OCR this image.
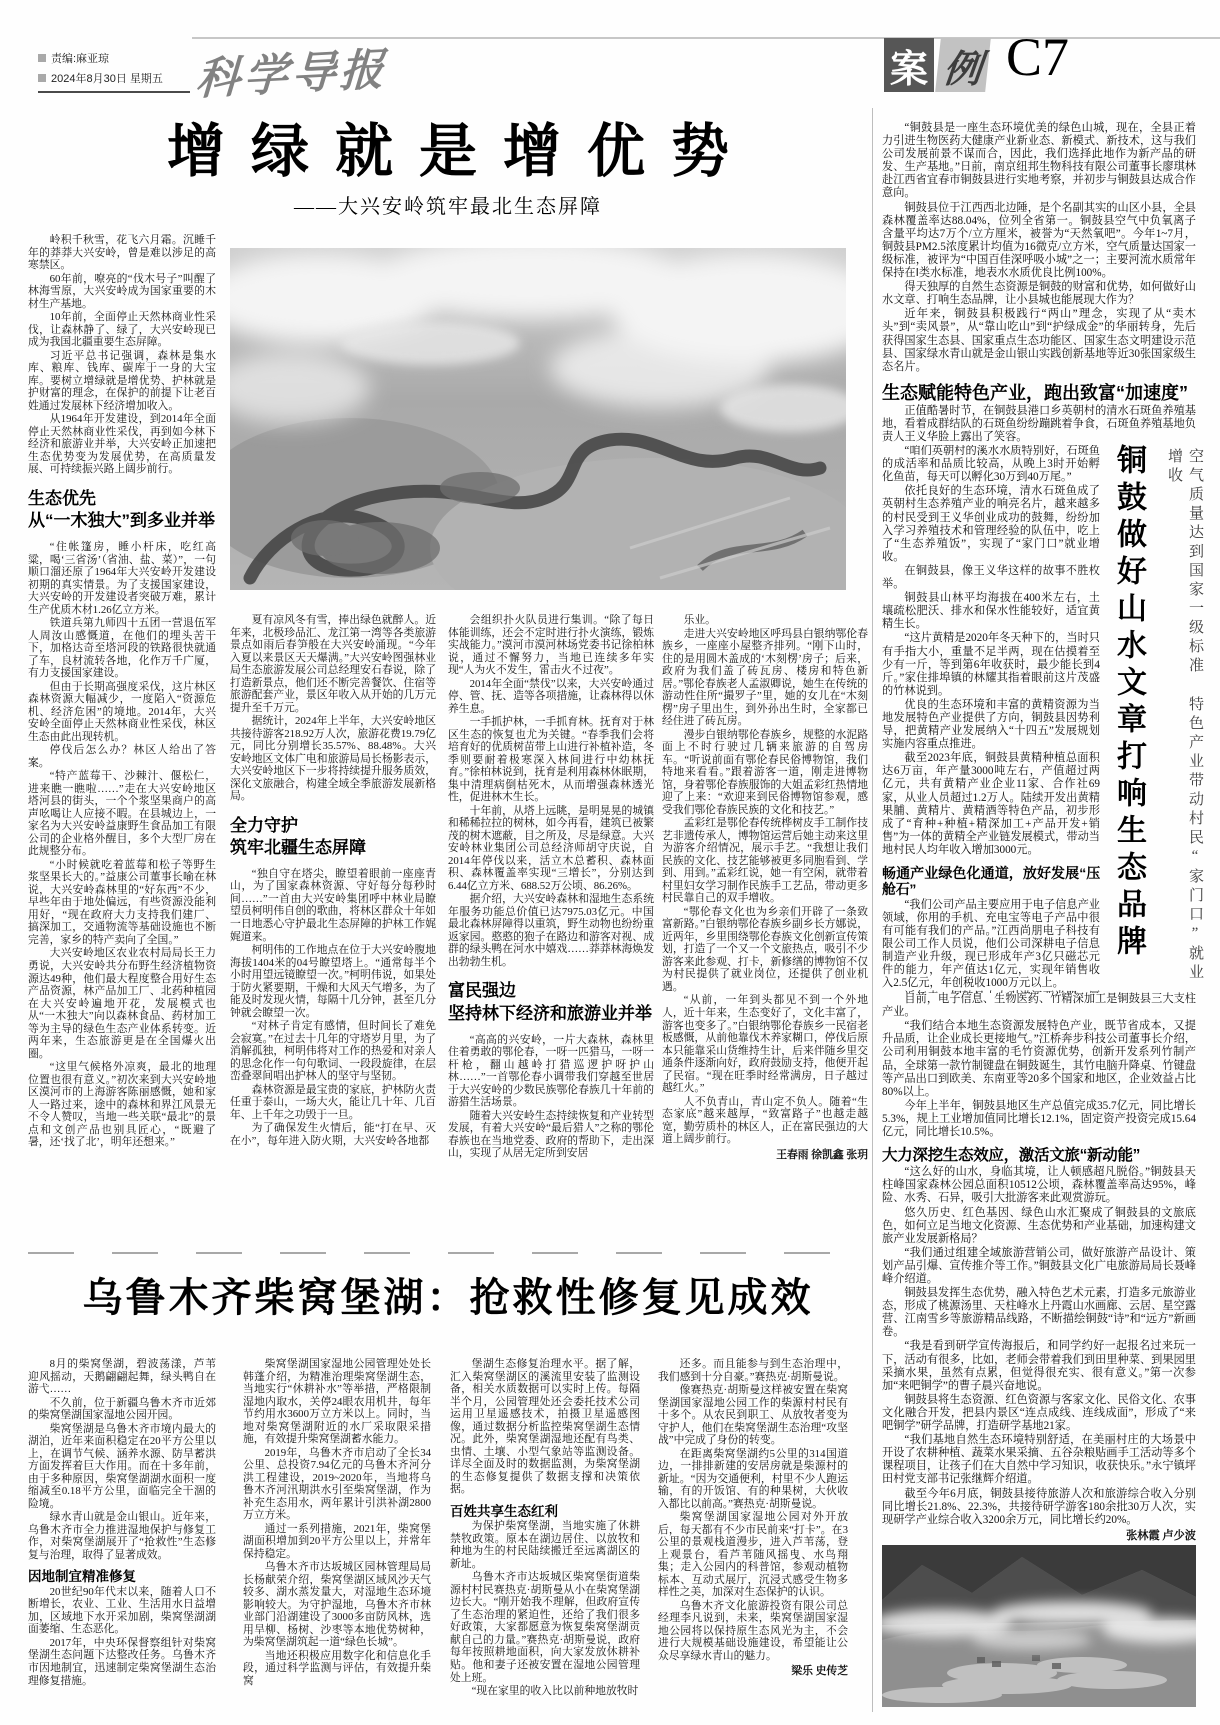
责编:麻亚琼
2024年8月30日 星期五 科学导报	案 例 C7
增绿就是增优势
——大兴安岭筑牢最北生态屏障

岭积千秋雪，花飞六月霜。沉睡千年的莽莽大兴安岭，曾是难以涉足的高寒禁区。

60年前，嘹亮的“伐木号子”叫醒了林海雪原，大兴安岭成为国家重要的木材生产基地。

10年前，全面停止天然林商业性采伐，让森林静了、绿了，大兴安岭现已成为我国北疆重要生态屏障。

习近平总书记强调，森林是集水库、粮库、钱库、碳库于一身的大宝库。要树立增绿就是增优势、护林就是护财富的理念，在保护的前提下让老百姓通过发展林下经济增加收入。

从1964年开发建设，到2014年全面停止天然林商业性采伐，再到如今林下经济和旅游业并举，大兴安岭正加速把生态优势变为发展优势，在高质量发展、可持续振兴路上阔步前行。

生态优先
从“一木独大”到多业并举

“住帐篷房，睡小杆床，吃红高粱，喝‘三省汤’（省油、盐、菜）”，一句顺口溜还原了1964年大兴安岭开发建设初期的真实情景。为了支援国家建设，大兴安岭的开发建设者突破万难，累计生产优质木材1.26亿立方米。

铁道兵第九师四十五团一营退伍军人周汝山感慨道，在他们的埋头苦干下，加格达奇至塔河段的铁路很快就通了车，良材流转各地，化作万千广厦，有力支援国家建设。

但由于长期高强度采伐，这片林区森林资源大幅减少，一度陷入“资源危机、经济危困”的境地。2014年，大兴安岭全面停止天然林商业性采伐，林区生态由此出现转机。

停伐后怎么办？林区人给出了答案。

“特产蓝莓干、沙棘汁、偃松仁，进来瞧一瞧啦……”走在大兴安岭地区塔河县的街头，一个个浆坚果商户的高声吆喝让人应接不暇。在县城边上，一家名为大兴安岭益康野生食品加工有限公司的企业格外醒目，多个大型厂房在此规整分布。

“小时候就吃着蓝莓和松子等野生浆坚果长大的。”益康公司董事长喻在林说，大兴安岭森林里的“好东西”不少，早些年由于地处偏远，有些资源没能利用好，“现在政府大力支持我们建厂、搞深加工，交通物流等基础设施也不断完善，家乡的特产卖向了全国。”

大兴安岭地区农业农村局局长王力勇说，大兴安岭共分布野生经济植物资源达49种，他们最大程度整合用好生态产品资源，林产品加工厂、北药种植园在大兴安岭遍地开花，发展模式也从“一木独大”向以森林食品、药材加工等为主导的绿色生态产业体系转变。近两年来，生态旅游更是在全国爆火出圈。

“这里气候格外凉爽，最北的地理位置也很有意义。”初次来到大兴安岭地区漠河市的上海游客陈丽感慨，她和家人一路过来，途中的森林和界江风景无不令人赞叹，当地一些关联“最北”的景点和文创产品也别具匠心，“既避了暑，还‘找了北’，明年还想来。”

夏有凉风冬有雪，捧出绿色就醉人。近年来，北极珍品汇、龙江第一湾等各类旅游景点如雨后春笋般在大兴安岭涌现。“今年入夏以来景区天天爆满。”大兴安岭图强林业局生态旅游发展公司总经理安石春说，除了打造新景点，他们还不断完善餐饮、住宿等旅游配套产业，景区年收入从开始的几万元提升至千万元。

据统计，2024年上半年，大兴安岭地区共接待游客218.92万人次，旅游花费19.79亿元，同比分别增长35.57%、88.48%。大兴安岭地区文体广电和旅游局局长杨影表示，大兴安岭地区下一步将持续提升服务质效，深化文旅融合，构建全域全季旅游发展新格局。

全力守护
筑牢北疆生态屏障

“独自守在塔尖，瞭望着眼前一座座青山，为了国家森林资源、守好每分每秒时间……”一首由大兴安岭集团呼中林业局瞭望员柯明伟自创的歌曲，将林区群众十年如一日地悉心守护最北生态屏障的护林工作娓娓道来。

柯明伟的工作地点在位于大兴安岭腹地海拔1404米的04号瞭望塔上。“通常每半个小时用望远镜瞭望一次。”柯明伟说，如果处于防火紧要期，干燥和大风天气增多，为了能及时发现火情，每隔十几分钟，甚至几分钟就会瞭望一次。

“对林子肯定有感情，但时间长了难免会寂寞。”在过去十几年的守塔岁月里，为了消解孤独，柯明伟将对工作的热爱和对亲人的思念化作一句句歌词、一段段旋律，在层峦叠翠间唱出护林人的坚守与坚韧。

森林资源是最宝贵的家底，护林防火责任重于泰山，一场大火，能让几十年、几百年、上千年之功毁于一旦。

为了确保发生火情后，能“打在早、灭在小”，每年进入防火期，大兴安岭各地都

会组织扑火队员进行集训。“除了每日体能训练，还会不定时进行扑火演练，锻炼实战能力。”漠河市漠河林场党委书记徐柏林说，通过不懈努力，当地已连续多年实现“人为火不发生，雷击火不过夜”。

2014年全面“禁伐”以来，大兴安岭通过停、管、抚、造等各项措施，让森林得以休养生息。

一手抓护林，一手抓育林。抚育对于林区生态的恢复也尤为关键。“春季我们会将培育好的优质树苗带上山进行补植补造，冬季则要耐着极寒深入林间进行中幼林抚育。”徐柏林说到，抚育是利用森林休眠期，集中清理病倒枯死木，从而增强森林透光性，促进林木生长。

十年前，从塔上远眺，是明晃晃的城镇和稀稀拉拉的树林，如今再看，建筑已被繁茂的树木遮蔽，目之所及，尽是绿意。大兴安岭林业集团公司总经济师胡守庆说，自2014年停伐以来，活立木总蓄积、森林面积、森林覆盖率实现“三增长”，分别达到6.44亿立方米、688.52万公顷、86.26%。

据介绍，大兴安岭森林和湿地生态系统年服务功能总价值已达7975.03亿元。中国最北森林屏障得以重筑，野生动物也纷纷重返家园。憨憨的狍子在路边和游客对视、成群的绿头鸭在河水中嬉戏……莽莽林海焕发出勃勃生机。

富民强边
坚持林下经济和旅游业并举

“高高的兴安岭，一片大森林，森林里住着勇敢的鄂伦春，一呀一匹猎马，一呀一杆枪，翻山越岭打猎巡逻护呀护山林……”一首鄂伦春小调带我们穿越至世居于大兴安岭的少数民族鄂伦春族几十年前的游猎生活场景。

随着大兴安岭生态持续恢复和产业转型发展，有着大兴安岭“最后猎人”之称的鄂伦春族也在当地党委、政府的帮助下，走出深山，实现了从居无定所到安居

乐业。

走进大兴安岭地区呼玛县白银纳鄂伦春族乡，一座座小屋整齐排列。“刚下山时，住的是用圆木盖成的‘木刻楞’房子；后来，政府为我们盖了砖瓦房、楼房和特色新居。”鄂伦春族老人孟淑卿说，她生在传统的游动性住所“撮罗子”里，她的女儿在“木刻楞”房子里出生，到外孙出生时，全家都已经住进了砖瓦房。

漫步白银纳鄂伦春族乡，规整的水泥路面上不时行驶过几辆来旅游的自驾房车。“听说前面有鄂伦春民俗博物馆，我们特地来看看。”跟着游客一道，刚走进博物馆，身着鄂伦春族服饰的大姐孟彩红热情地迎了上来：“欢迎来到民俗博物馆参观，感受我们鄂伦春族民族的文化和技艺。”

孟彩红是鄂伦春传统桦树皮手工制作技艺非遗传承人，博物馆运营后她主动来这里为游客介绍情况，展示手艺。“我想让我们民族的文化、技艺能够被更多同胞看到、学到、用到。”孟彩红说，她一有空闲，就带着村里妇女学习制作民族手工艺品，带动更多村民靠自己的双手增收。

“鄂伦春文化也为乡亲们开辟了一条致富新路。”白银纳鄂伦春族乡副乡长方娜说，近两年，乡里围绕鄂伦春族文化创新宣传策划，打造了一个又一个文旅热点，吸引不少游客来此参观、打卡，新修缮的博物馆不仅为村民提供了就业岗位，还提供了创业机遇。

“从前，一年到头都见不到一个外地人，近十年来，生态变好了，文化丰富了，游客也变多了。”白银纳鄂伦春族乡一民宿老板感慨，从前他靠伐木养家糊口，停伐后原本只能靠采山货维持生计，后来伴随乡里交通条件逐渐向好，政府鼓励支持，他便开起了民宿。“现在旺季时经常满房，日子越过越红火。”

人不负青山，青山定不负人。随着“生态家底”越来越厚，“致富路子”也越走越宽，勤劳质朴的林区人，正在富民强边的大道上阔步前行。

王春雨 徐凯鑫 张玥

乌鲁木齐柴窝堡湖：抢救性修复见成效

8月的柴窝堡湖，碧波荡漾，芦苇迎风摇动，天鹅翩翩起舞，绿头鸭自在游弋……

不久前，位于新疆乌鲁木齐市近郊的柴窝堡湖国家湿地公园开园。

柴窝堡湖是乌鲁木齐市境内最大的湖泊，近年来面积稳定在20平方公里以上，在调节气候、涵养水源、防旱蓄洪方面发挥着巨大作用。而在十多年前，由于多种原因，柴窝堡湖湖水面积一度缩减至0.18平方公里，面临完全干涸的险境。

绿水青山就是金山银山。近年来，乌鲁木齐市全力推进湿地保护与修复工作，对柴窝堡湖展开了“抢救性”生态修复与治理，取得了显著成效。

因地制宜精准修复

20世纪90年代末以来，随着人口不断增长，农业、工业、生活用水日益增加，区域地下水开采加剧，柴窝堡湖湖面萎缩、生态恶化。

2017年，中央环保督察组针对柴窝堡湖生态问题下达整改任务。乌鲁木齐市因地制宜，迅速制定柴窝堡湖生态治理修复措施。

柴窝堡湖国家湿地公园管理处处长韩蓬介绍，为精准治理柴窝堡湖生态，当地实行“休耕补水”等举措，严格限制湿地内取水，关停24眼农用机井，每年节约用水3600万立方米以上。同时，当地对柴窝堡湖附近的水厂采取限采措施，有效提升柴窝堡湖蓄水能力。

2019年，乌鲁木齐市启动了全长34公里、总投资7.94亿元的乌鲁木齐河分洪工程建设，2019~2020年，当地将乌鲁木齐河汛期洪水引至柴窝堡湖，作为补充生态用水，两年累计引洪补湖2800万立方米。

通过一系列措施，2021年，柴窝堡湖面积增加到20平方公里以上，并常年保持稳定。

乌鲁木齐市达坂城区园林管理局局长杨献荣介绍，柴窝堡湖区域风沙天气较多、湖水蒸发量大，对湿地生态环境影响较大。为守护湿地，乌鲁木齐市林业部门沿湖建设了3000多亩防风林，选用旱柳、杨树、沙枣等本地优势树种，为柴窝堡湖筑起一道“绿色长城”。

当地还积极应用数字化和信息化手段，通过科学监测与评估，有效提升柴窝

堡湖生态修复治理水平。据了解，汇入柴窝堡湖区的溪流里安装了监测设备，相关水质数据可以实时上传。每隔半个月，公园管理处还会委托技术公司运用卫星遥感技术，拍摄卫星遥感图像，通过数据分析监控柴窝堡湖生态情况。此外，柴窝堡湖湿地还配有鸟类、虫情、土壤、小型气象站等监测设备。详尽全面及时的数据监测，为柴窝堡湖的生态修复提供了数据支撑和决策依据。

百姓共享生态红利

为保护柴窝堡湖，当地实施了休耕禁牧政策。原本在湖边居住、以放牧和种地为生的村民陆续搬迁至远离湖区的新址。

乌鲁木齐市达坂城区柴窝堡街道柴源村村民赛热克·胡斯曼从小在柴窝堡湖边长大。“刚开始我不理解，但政府宣传了生态治理的紧迫性，还给了我们很多好政策，大家都愿意为恢复柴窝堡湖贡献自己的力量。”赛热克·胡斯曼说，政府每年按照耕地面积，向大家发放休耕补贴。他和妻子还被安置在湿地公园管理处上班。

“现在家里的收入比以前种地放牧时

还多。而且能参与到生态治理中，我们感到十分自豪。”赛热克·胡斯曼说。

像赛热克·胡斯曼这样被安置在柴窝堡湖国家湿地公园工作的柴源村村民有十多个。从农民到职工、从放牧者变为守护人，他们在柴窝堡湖生态治理“攻坚战”中完成了身份的转变。

在距离柴窝堡湖约5公里的314国道边，一排排新建的安居房就是柴源村的新址。“因为交通便利，村里不少人跑运输，有的开饭馆、有的种果树，大伙收入都比以前高。”赛热克·胡斯曼说。

柴窝堡湖国家湿地公园对外开放后，每天都有不少市民前来“打卡”。在3公里的景观栈道漫步，进入芦苇荡，登上观景台，看芦苇随风摇曳、水鸟翔集；走入公园内的科普馆，参观动植物标本、互动式展厅，沉浸式感受生物多样性之美，加深对生态保护的认识。

乌鲁木齐文化旅游投资有限公司总经理李凡说到，未来，柴窝堡湖国家湿地公园将以保持原生态风光为主，不会进行大规模基础设施建设，希望能让公众尽享绿水青山的魅力。

梁乐 史传芝

“铜鼓县是一座生态环境优美的绿色山城，现在，全县正着力引进生物医药大健康产业新业态、新模式、新技术，这与我们公司发展前景不谋而合，因此，我们选择此地作为新产品的研发、生产基地。”日前，南京纽邦生物科技有限公司董事长廖琪林赴江西省宜春市铜鼓县进行实地考察，并初步与铜鼓县达成合作意向。

铜鼓县位于江西西北边陲，是个名副其实的山区小县，全县森林覆盖率达88.04%，位列全省第一。铜鼓县空气中负氧离子含量平均达7万个/立方厘米，被誉为“天然氧吧”。今年1~7月，铜鼓县PM2.5浓度累计均值为16微克/立方米，空气质量达国家一级标准，被评为“中国百佳深呼吸小城”之一；主要河流水质常年保持在Ⅰ类水标准，地表水水质优良比例100%。

得天独厚的自然生态资源是铜鼓的财富和优势，如何做好山水文章、打响生态品牌，让小县城也能展现大作为？

近年来，铜鼓县积极践行“两山”理念，实现了从“卖木头”到“卖风景”，从“靠山吃山”到“护绿成金”的华丽转身，先后获得国家生态县、国家重点生态功能区、国家生态文明建设示范县、国家绿水青山就是金山银山实践创新基地等近30张国家级生态名片。

生态赋能特色产业，跑出致富“加速度”

正值酷暑时节，在铜鼓县港口乡英朝村的清水石斑鱼养殖基地，看着成群结队的石斑鱼纷纷蹦跳着争食，石斑鱼养殖基地负责人王义华脸上露出了笑容。

“咱们英朝村的溪水水质特别好，石斑鱼的成活率和品质比较高，从晚上3时开始孵化鱼苗，每天可以孵化30万到40万尾。”

依托良好的生态环境，清水石斑鱼成了英朝村生态养殖产业的响亮名片，越来越多的村民受到王义华创业成功的鼓舞，纷纷加入学习养殖技术和管理经验的队伍中，吃上了“生态养殖饭”，实现了“家门口”就业增收。

在铜鼓县，像王义华这样的故事不胜枚举。

铜鼓县山林平均海拔在400米左右，土壤疏松肥沃、排水和保水性能较好，适宜黄精生长。

“这片黄精是2020年冬天种下的，当时只有手指大小，重量不足半两，现在估摸着至少有一斤，等到第6年收获时，最少能长到4斤。”家住排埠镇的林耀其指着眼前这片茂盛的竹林说到。

优良的生态环境和丰富的黄精资源为当地发展特色产业提供了方向，铜鼓县因势利导，把黄精产业发展纳入“十四五”发展规划实施内容重点推进。

截至2023年底，铜鼓县黄精种植总面积达6万亩，年产量3000吨左右，产值超过两亿元，共有黄精产业企业11家、合作社69家，从业人员超过1.2万人。陆续开发出黄精果脯、黄精片、黄精酒等特色产品，初步形成了“育种+种植+精深加工+产品开发+销售”为一体的黄精全产业链发展模式，带动当地村民人均年收入增加3000元。

畅通产业绿色化通道，放好发展“压舱石”

“我们公司产品主要应用于电子信息产业领域，你用的手机、充电宝等电子产品中很有可能有我们的产品。”江西尚朋电子科技有限公司工作人员说，他们公司深耕电子信息制造产业升级，现已形成年产3亿只磁芯元件的能力，年产值达1亿元，实现年销售收入2.5亿元，年创税收1000万元以上。

目前，电子信息、生物医药、竹精深加工是铜鼓县三大支柱产业。

“我们结合本地生态资源发展特色产业，既节省成本，又提升品质，让企业成长更接地气。”江桥奔步科技公司董事长介绍，公司利用铜鼓本地丰富的毛竹资源优势，创新开发系列竹制产品，全球第一款竹制键盘在铜鼓诞生，其竹电脑升降桌、竹键盘等产品出口到欧美、东南亚等20多个国家和地区，企业效益占比80%以上。

今年上半年，铜鼓县地区生产总值完成35.7亿元，同比增长5.3%，规上工业增加值同比增长12.1%，固定资产投资完成15.64亿元，同比增长10.5%。

大力深挖生态效应，激活文旅“新动能”

“这么好的山水，身临其境，让人顿感超凡脱俗。”铜鼓县天柱峰国家森林公园总面积10512公顷，森林覆盖率高达95%，峰险、水秀、石异，吸引大批游客来此观赏游玩。

悠久历史、红色基因、绿色山水汇聚成了铜鼓县的文旅底色，如何立足当地文化资源、生态优势和产业基础，加速构建文旅产业发展新格局？

“我们通过组建全域旅游营销公司，做好旅游产品设计、策划产品引爆、宣传推介等工作。”铜鼓县文化广电旅游局局长聂峰峰介绍道。

铜鼓县发挥生态优势，融入特色艺术元素，打造多元旅游业态，形成了桃源汤里、天柱峰水上丹霞山水画廊、云居、星空露营、江南雪乡等旅游精品线路，不断描绘铜鼓“诗”和“远方”新画卷。

“我是看到研学宣传海报后，和同学约好一起报名过来玩一下，活动有很多，比如，老师会带着我们到田里种菜、到果园里采摘水果，虽然有点累，但觉得很充实、很有意义。”第一次参加“来吧铜学”的曹子晨兴奋地说。

铜鼓县将生态资源、红色资源与客家文化、民俗文化、农事文化融合开发，把县内景区“连点成线、连线成面”，形成了“来吧铜学”研学品牌，打造研学基地21家。

“我们基地自然生态环境特别舒适，在美丽村庄的大场景中开设了农耕种植、蔬菜水果采摘、五谷杂粮贴画手工活动等多个课程项目，让孩子们在大自然中学习知识，收获快乐。”永宁镇坪田村党支部书记张继辉介绍道。

截至今年6月底，铜鼓县接待旅游人次和旅游综合收入分别同比增长21.8%、22.3%，共接待研学游客180余批30万人次，实现研学产业综合收入3200余万元，同比增长约20%。

张林霞 卢少波

铜鼓做好山水文章打响生态品牌	空气质量达到国家一级标准 特色产业带动村民“家门口”就业增收
